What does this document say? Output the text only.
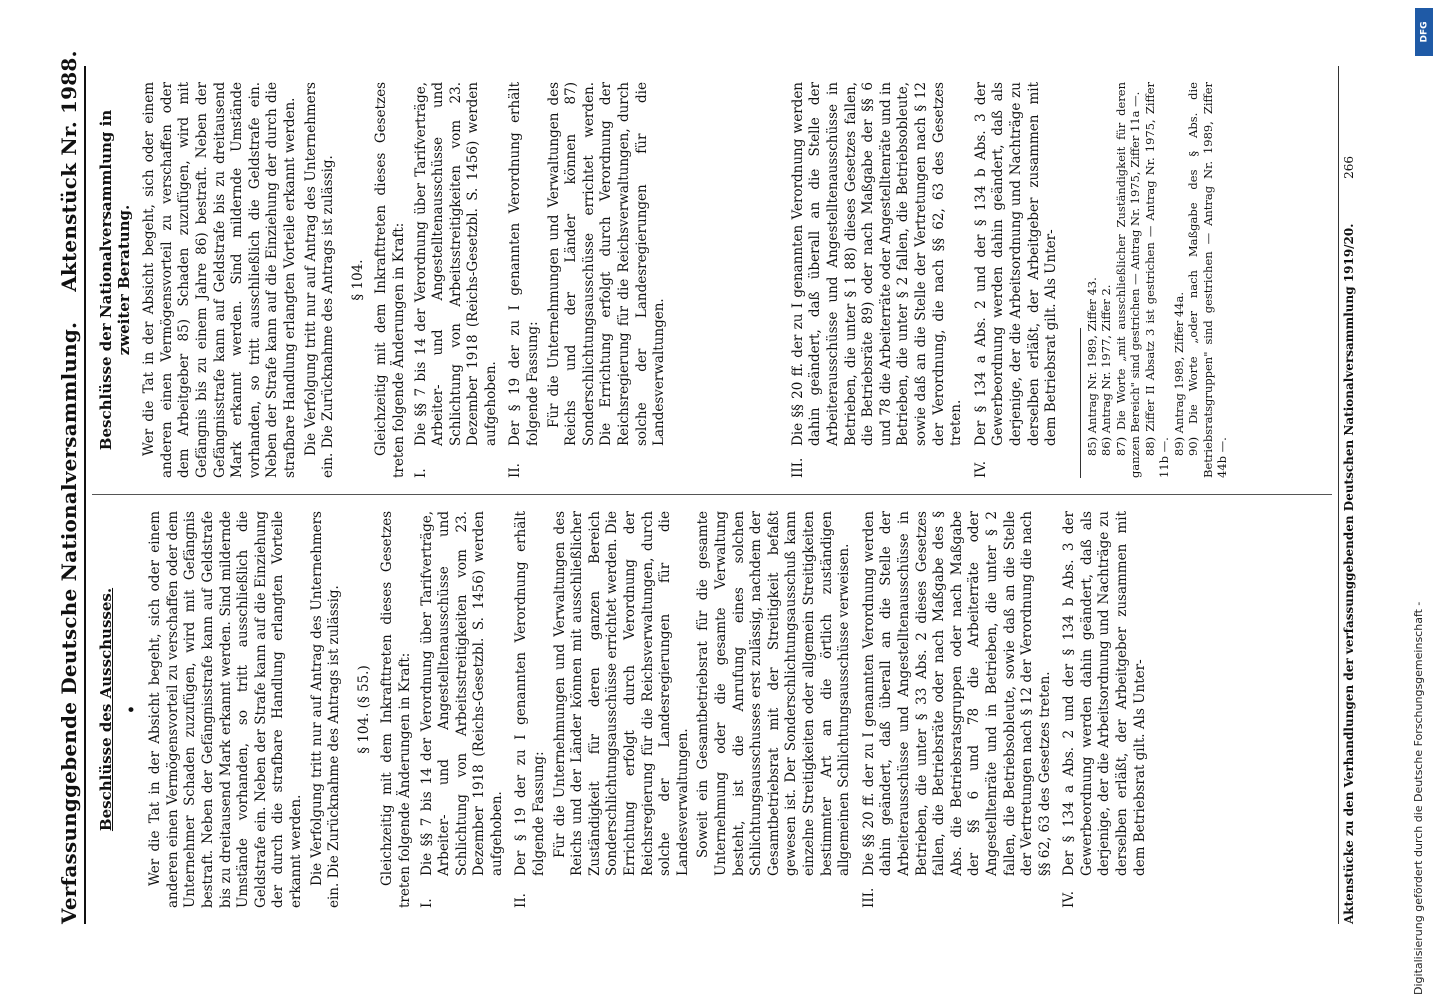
Verfassunggebende Deutsche Nationalversammlung.
Aktenstück Nr. 1988.
Beschlüsse des Ausschusses. • Wer die Tat in der Absicht begeht, sich oder einem anderen einen Vermögensvorteil zu verschaffen oder dem Unternehmer Schaden zuzufügen, wird mit Gefängnis bestraft. Neben der Gefängnisstrafe kann auf Geldstrafe bis zu dreitausend Mark erkannt werden. Sind mildernde Umstände vorhanden, so tritt ausschließlich die Geldstrafe ein. Neben der Strafe kann auf die Einziehung der durch die strafbare Handlung erlangten Vorteile erkannt werden. Die Verfolgung tritt nur auf Antrag des Unternehmers ein. Die Zurücknahme des Antrags ist zulässig. § 104. (§ 55.) Gleichzeitig mit dem Inkrafttreten dieses Gesetzes treten folgende Änderungen in Kraft: I.

Die §§ 7 bis 14 der Verordnung über Tarifverträge, Arbeiter- und Angestelltenausschüsse und Schlichtung von Arbeitsstreitigkeiten vom 23. Dezember 1918 (Reichs-Gesetzbl. S. 1456) werden aufgehoben.

II.

Der § 19 der zu I genannten Verordnung erhält folgende Fassung: Für die Unternehmungen und Verwaltungen des Reichs und der Länder können mit ausschließlicher Zuständigkeit für deren ganzen Bereich Sonderschlichtungsausschüsse errichtet werden. Die Errichtung erfolgt durch Verordnung der Reichsregierung für die Reichsverwaltungen, durch solche der Landesregierungen für die Landesverwaltungen. Soweit ein Gesamtbetriebsrat für die gesamte Unternehmung oder die gesamte Verwaltung besteht, ist die Anrufung eines solchen Schlichtungsausschusses erst zulässig, nachdem der Gesamtbetriebsrat mit der Streitigkeit befaßt gewesen ist. Der Sonderschlichtungsausschuß kann einzelne Streitigkeiten oder allgemein Streitigkeiten bestimmter Art an die örtlich zuständigen allgemeinen Schlichtungsausschüsse verweisen.

III.

Die §§ 20 ff. der zu I genannten Verordnung werden dahin geändert, daß überall an die Stelle der Arbeiterausschüsse und Angestelltenausschüsse in Betrieben, die unter § 33 Abs. 2 dieses Gesetzes fallen, die Betriebsräte oder nach Maßgabe des § Abs. die Betriebsratsgruppen oder nach Maßgabe der §§ 6 und 78 die Arbeiterräte oder Angestelltenräte und in Betrieben, die unter § 2 fallen, die Betriebsobleute, sowie daß an die Stelle der Vertretungen nach § 12 der Verordnung die nach §§ 62, 63 des Gesetzes treten.

IV.

Der § 134 a Abs. 2 und der § 134 b Abs. 3 der Gewerbeordnung werden dahin geändert, daß als derjenige, der die Arbeitsordnung und Nachträge zu derselben erläßt, der Arbeitgeber zusammen mit dem Betriebsrat gilt. Als Unter-

Beschlüsse der Nationalversammlung in zweiter Beratung. Wer die Tat in der Absicht begeht, sich oder einem anderen einen Vermögensvorteil zu verschaffen oder dem Arbeitgeber 85) Schaden zuzufügen, wird mit Gefängnis bis zu einem Jahre 86) bestraft. Neben der Gefängnisstrafe kann auf Geldstrafe bis zu dreitausend Mark erkannt werden. Sind mildernde Umstände vorhanden, so tritt ausschließlich die Geldstrafe ein. Neben der Strafe kann auf die Einziehung der durch die strafbare Handlung erlangten Vorteile erkannt werden. Die Verfolgung tritt nur auf Antrag des Unternehmers ein. Die Zurücknahme des Antrags ist zulässig. § 104. Gleichzeitig mit dem Inkrafttreten dieses Gesetzes treten folgende Änderungen in Kraft: I.

Die §§ 7 bis 14 der Verordnung über Tarifverträge, Arbeiter- und Angestelltenausschüsse und Schlichtung von Arbeitsstreitigkeiten vom 23. Dezember 1918 (Reichs-Gesetzbl. S. 1456) werden aufgehoben.

II.

Der § 19 der zu I genannten Verordnung erhält folgende Fassung: Für die Unternehmungen und Verwaltungen des Reichs und der Länder können 87) Sonderschlichtungsausschüsse errichtet werden. Die Errichtung erfolgt durch Verordnung der Reichsregierung für die Reichsverwaltungen, durch solche der Landesregierungen für die Landesverwaltungen.

III.

Die §§ 20 ff. der zu I genannten Verordnung werden dahin geändert, daß überall an die Stelle der Arbeiterausschüsse und Angestelltenausschüsse in Betrieben, die unter § 1 88) dieses Gesetzes fallen, die Betriebsräte 89) oder nach Maßgabe der §§ 6 und 78 die Arbeiterräte oder Angestelltenräte und in Betrieben, die unter § 2 fallen, die Betriebsobleute, sowie daß an die Stelle der Vertretungen nach § 12 der Verordnung, die nach §§ 62, 63 des Gesetzes treten.

IV.

Der § 134 a Abs. 2 und der § 134 b Abs. 3 der Gewerbeordnung werden dahin geändert, daß als derjenige, der die Arbeitsordnung und Nachträge zu derselben erläßt, der Arbeitgeber zusammen mit dem Betriebsrat gilt. Als Unter- 85) Antrag Nr. 1989, Ziffer 43. 86) Antrag Nr. 1977, Ziffer 2. 87) Die Worte „mit ausschließlicher Zuständigkeit für deren ganzen Bereich" sind gestrichen — Antrag Nr. 1975, Ziffer 11a —. 88) Ziffer II Absatz 3 ist gestrichen — Antrag Nr. 1975, Ziffer 11b —.

89) Antrag 1989, Ziffer 44a. 90) Die Worte „oder nach Maßgabe des § Abs. die Betriebsratsgruppen" sind gestrichen — Antrag Nr. 1989, Ziffer 44b —.	Aktenstücke zu den Verhandlungen der verfassunggebenden Deutschen Nationalversammlung 1919/20.
266
Digitalisierung gefördert durch die Deutsche Forschungsgemeinschaft -
DFG
